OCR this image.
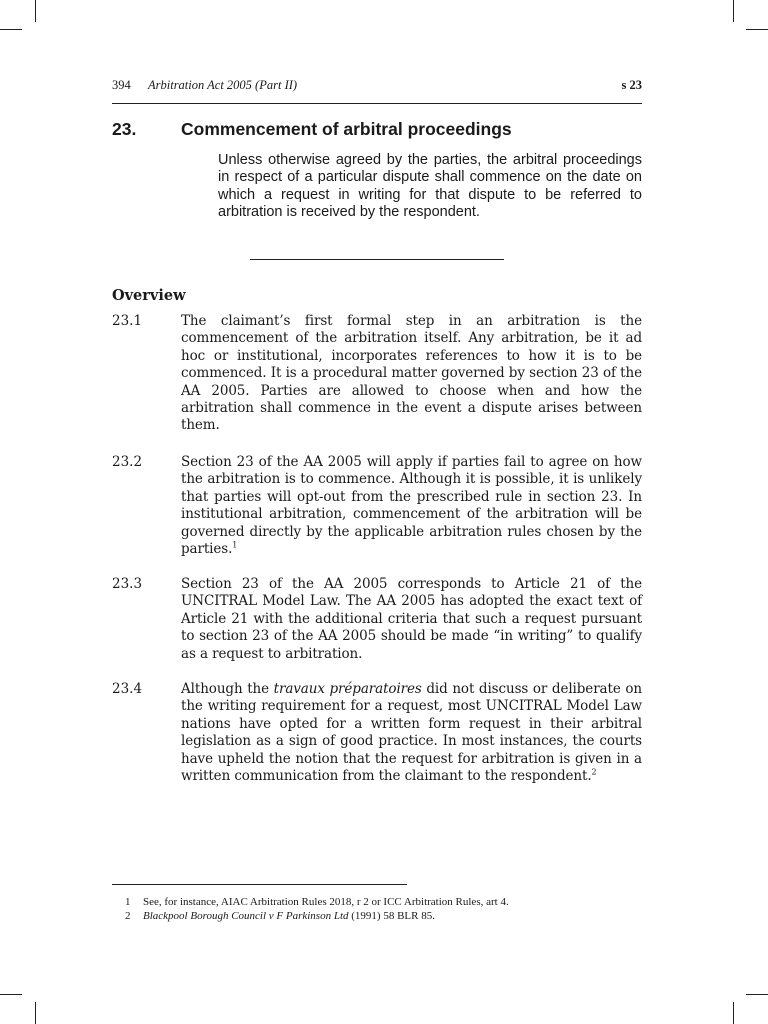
394 Arbitration Act 2005 (Part II)	s 23
23.	Commencement of arbitral proceedings
Unless otherwise agreed by the parties, the arbitral proceedings in respect of a particular dispute shall commence on the date on which a request in writing for that dispute to be referred to arbitration is received by the respondent.
Overview
23.1	The claimant’s first formal step in an arbitration is the commencement of the arbitration itself. Any arbitration, be it ad hoc or institutional, incorporates references to how it is to be commenced. It is a procedural matter governed by section 23 of the AA 2005. Parties are allowed to choose when and how the arbitration shall commence in the event a dispute arises between them.
23.2	Section 23 of the AA 2005 will apply if parties fail to agree on how the arbitration is to commence. Although it is possible, it is unlikely that parties will opt-out from the prescribed rule in section 23. In institutional arbitration, commencement of the arbitration will be governed directly by the applicable arbitration rules chosen by the parties.$^1$
23.3	Section 23 of the AA 2005 corresponds to Article 21 of the UNCITRAL Model Law. The AA 2005 has adopted the exact text of Article 21 with the additional criteria that such a request pursuant to section 23 of the AA 2005 should be made “in writing” to qualify as a request to arbitration.
23.4	Although the travaux préparatoires did not discuss or deliberate on the writing requirement for a request, most UNCITRAL Model Law nations have opted for a written form request in their arbitral legislation as a sign of good practice. In most instances, the courts have upheld the notion that the request for arbitration is given in a written communication from the claimant to the respondent.$^2$
1 See, for instance, AIAC Arbitration Rules 2018, r 2 or ICC Arbitration Rules, art 4.
2 Blackpool Borough Council v F Parkinson Ltd (1991) 58 BLR 85.
